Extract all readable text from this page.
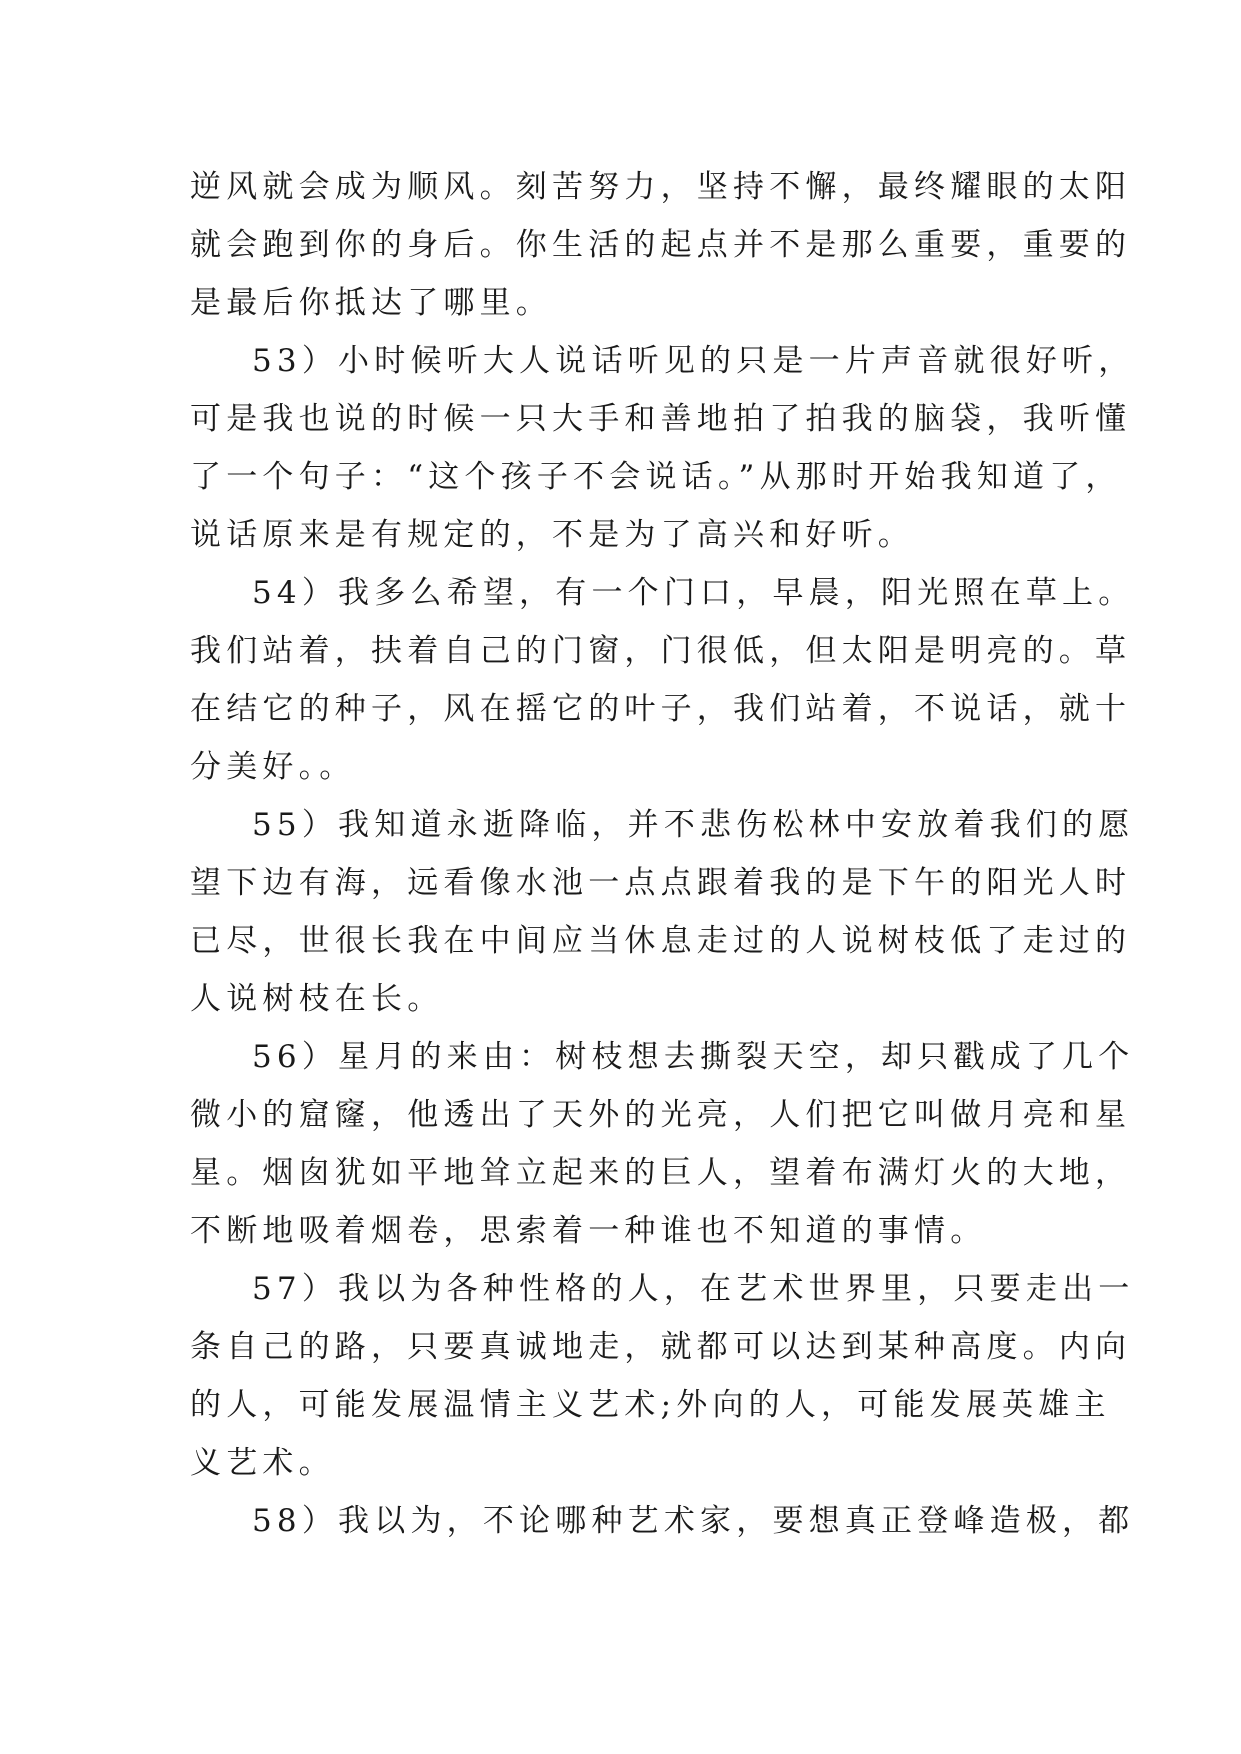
逆风就会成为顺风。刻苦努力，坚持不懈，最终耀眼的太阳
就会跑到你的身后。你生活的起点并不是那么重要，重要的
是最后你抵达了哪里。
53）小时候听大人说话听见的只是一片声音就很好听，
可是我也说的时候一只大手和善地拍了拍我的脑袋，我听懂
了一个句子：“这个孩子不会说话。”从那时开始我知道了，
说话原来是有规定的，不是为了高兴和好听。
54）我多么希望，有一个门口，早晨，阳光照在草上。
我们站着，扶着自己的门窗，门很低，但太阳是明亮的。草
在结它的种子，风在摇它的叶子，我们站着，不说话，就十
分美好。。
55）我知道永逝降临，并不悲伤松林中安放着我们的愿
望下边有海，远看像水池一点点跟着我的是下午的阳光人时
已尽，世很长我在中间应当休息走过的人说树枝低了走过的
人说树枝在长。
56）星月的来由：树枝想去撕裂天空，却只戳成了几个
微小的窟窿，他透出了天外的光亮，人们把它叫做月亮和星
星。烟囱犹如平地耸立起来的巨人，望着布满灯火的大地，
不断地吸着烟卷，思索着一种谁也不知道的事情。
57）我以为各种性格的人，在艺术世界里，只要走出一
条自己的路，只要真诚地走，就都可以达到某种高度。内向
的人，可能发展温情主义艺术;外向的人，可能发展英雄主
义艺术。
58）我以为，不论哪种艺术家，要想真正登峰造极，都
